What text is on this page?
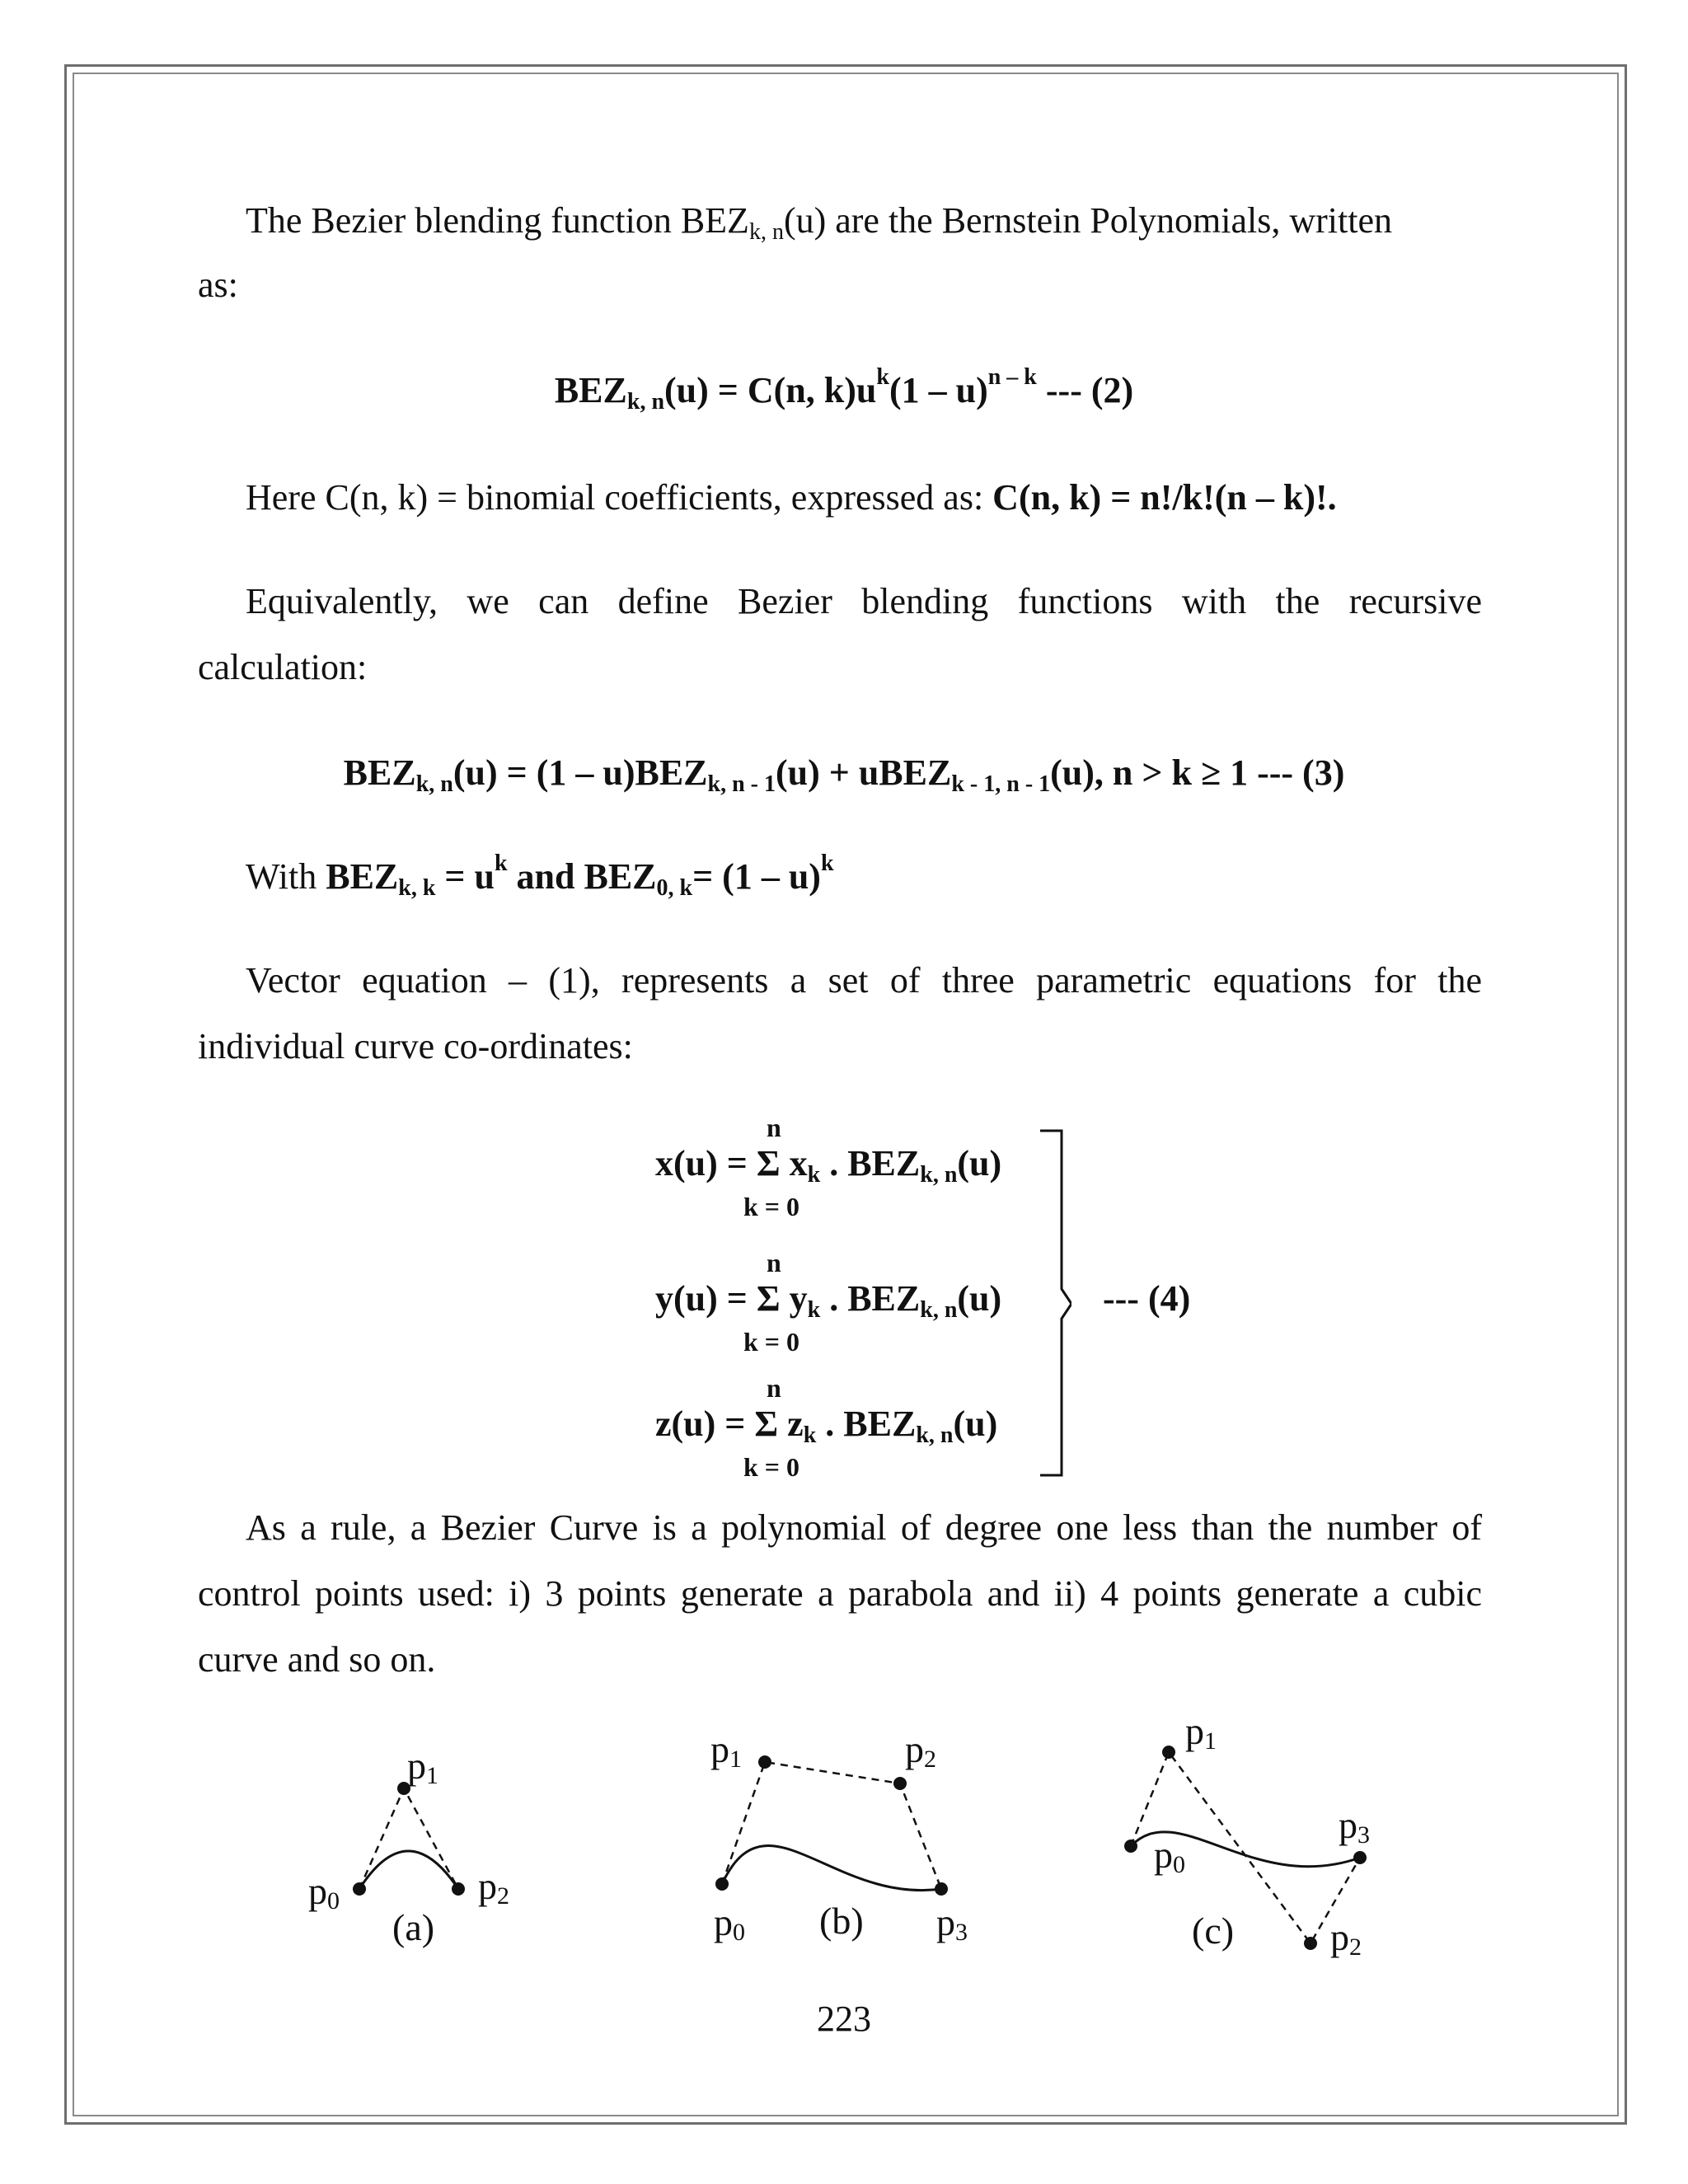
The Bezier blending function $BEZ_{k, n}(u)$ are the Bernstein Polynomials, written
as:
$BEZ_{k, n}(u) = C(n$, $k)u^k(1 - u)^{n - k}$ --- (2)
Here C(n, k) = binomial coefficients, expressed as: C(n, k) = n!/k!(n – k)!.
Equivalently, we can define Bezier blending functions with the recursive
calculation:
$BEZ_{k, n}(u) = (1 - u)BEZ_{k, n - 1}(u)$ + uBEZ$_{k - 1, n - 1}$(u), n > k ≥ 1 --- (3)
With $BEZ_{k, k} = u^k$ and $BEZ_{0, k}= (1 - u)^k$
Vector equation – (1), represents a set of three parametric equations for the
individual curve co-ordinates:
n
x(u) = Σ $x_k$ . $BEZ_{k, n}(u)$
k = 0
n
y(u) = Σ $y_k$ . $BEZ_{k, n}(u)$
k = 0
n
z(u) = Σ $z_k$ . $BEZ_{k, n}(u)$
k = 0
--- (4)
As a rule, a Bezier Curve is a polynomial of degree one less than the number of
control points used: i) 3 points generate a parabola and ii) 4 points generate a cubic
curve and so on.
$p_1$
$p_0$	$p_2$
(a)
$p_1$	$p_2$
$p_0$ (b) $p_3$
$p_1$
$p_0$
$p_3$
(c)	$p_2$
223
